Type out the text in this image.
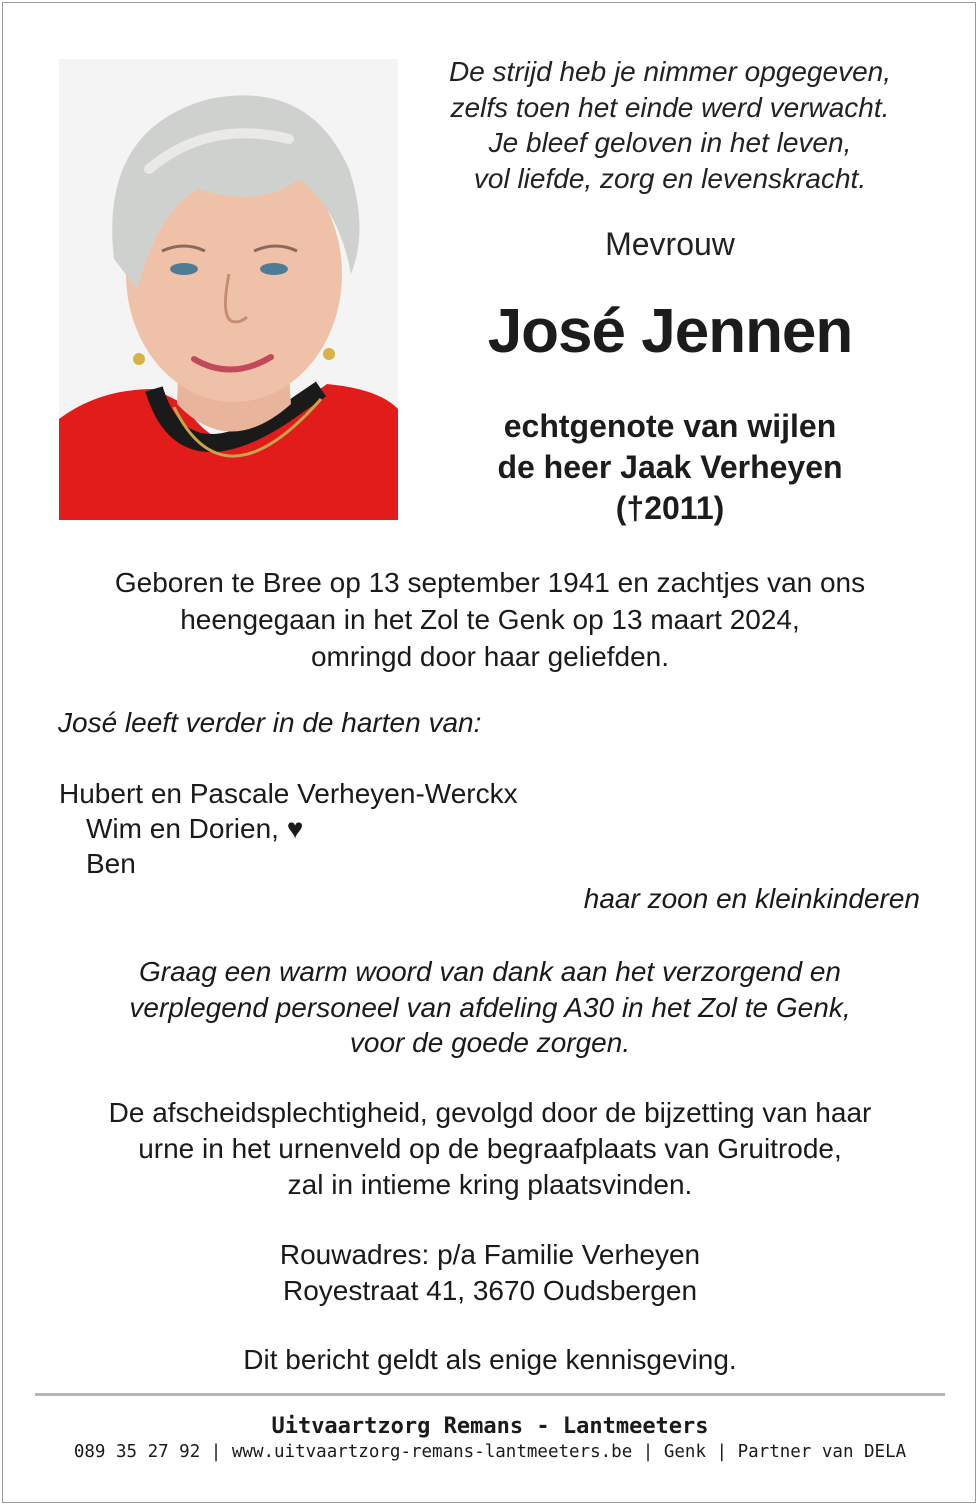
De strijd heb je nimmer opgegeven,
zelfs toen het einde werd verwacht.
Je bleef geloven in het leven,
vol liefde, zorg en levenskracht.
Mevrouw
José Jennen
echtgenote van wijlen
de heer Jaak Verheyen
(†2011)
Geboren te Bree op 13 september 1941 en zachtjes van ons
heengegaan in het Zol te Genk op 13 maart 2024,
omringd door haar geliefden.
José leeft verder in de harten van:
Hubert en Pascale Verheyen-Werckx
Wim en Dorien, ♥
Ben
haar zoon en kleinkinderen
Graag een warm woord van dank aan het verzorgend en
verplegend personeel van afdeling A30 in het Zol te Genk,
voor de goede zorgen.
De afscheidsplechtigheid, gevolgd door de bijzetting van haar
urne in het urnenveld op de begraafplaats van Gruitrode,
zal in intieme kring plaatsvinden.
Rouwadres: p/a Familie Verheyen
Royestraat 41, 3670 Oudsbergen
Dit bericht geldt als enige kennisgeving.
Uitvaartzorg Remans - Lantmeeters
089 35 27 92 | www.uitvaartzorg-remans-lantmeeters.be | Genk | Partner van DELA
